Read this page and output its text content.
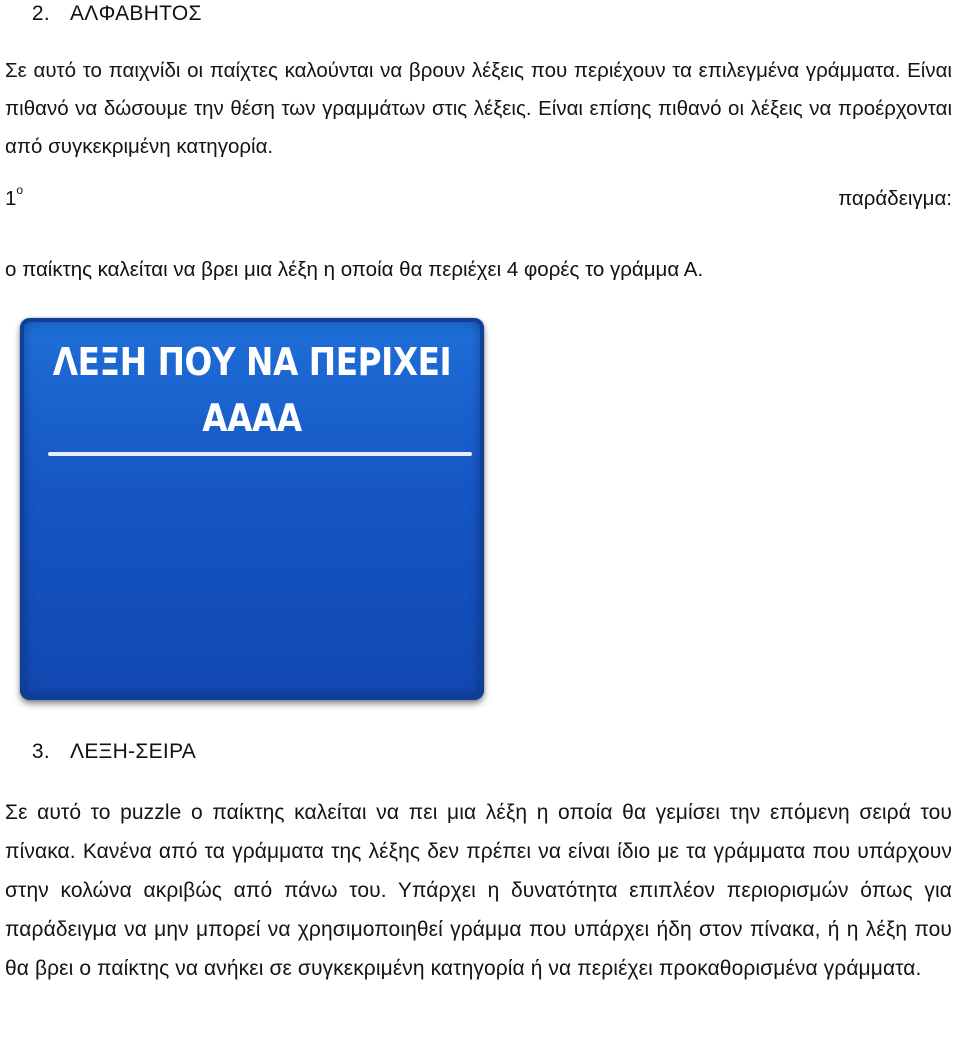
2. ΑΛΦΑΒΗΤΟΣ
Σε αυτό το παιχνίδι οι παίχτες καλούνται να βρουν λέξεις που περιέχουν τα επιλεγμένα γράμματα. Είναι πιθανό να δώσουμε την θέση των γραμμάτων στις λέξεις. Είναι επίσης πιθανό οι λέξεις να προέρχονται από συγκεκριμένη κατηγορία.
$1^o$	παράδειγμα:
ο παίκτης καλείται να βρει μια λέξη η οποία θα περιέχει 4 φορές το γράμμα Α.
ΛΕΞΗ ΠΟΥ ΝΑ ΠΕΡΙΧΕΙ
ΑΑΑΑ
3. ΛΕΞΗ-ΣΕΙΡΑ
Σε αυτό το puzzle ο παίκτης καλείται να πει μια λέξη η οποία θα γεμίσει την επόμενη σειρά του πίνακα. Κανένα από τα γράμματα της λέξης δεν πρέπει να είναι ίδιο με τα γράμματα που υπάρχουν στην κολώνα ακριβώς από πάνω του. Υπάρχει η δυνατότητα επιπλέον περιορισμών όπως για παράδειγμα να μην μπορεί να χρησιμοποιηθεί γράμμα που υπάρχει ήδη στον πίνακα, ή η λέξη που θα βρει ο παίκτης να ανήκει σε συγκεκριμένη κατηγορία ή να περιέχει προκαθορισμένα γράμματα.
